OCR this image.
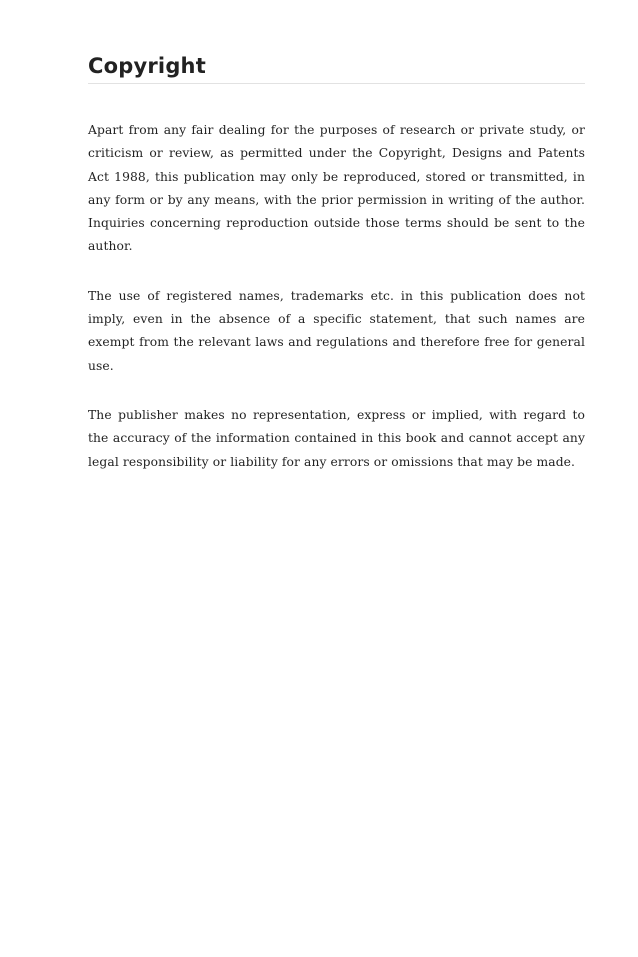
Copyright

Apart from any fair dealing for the purposes of research or private study, or criticism or review, as permitted under the Copyright, Designs and Patents Act 1988, this publication may only be reproduced, stored or transmitted, in any form or by any means, with the prior permission in writing of the author. Inquiries concerning reproduction outside those terms should be sent to the author.

The use of registered names, trademarks etc. in this publication does not imply, even in the absence of a specific statement, that such names are exempt from the relevant laws and regulations and therefore free for general use.

The publisher makes no representation, express or implied, with regard to the accuracy of the information contained in this book and cannot accept any legal responsibility or liability for any errors or omissions that may be made.
